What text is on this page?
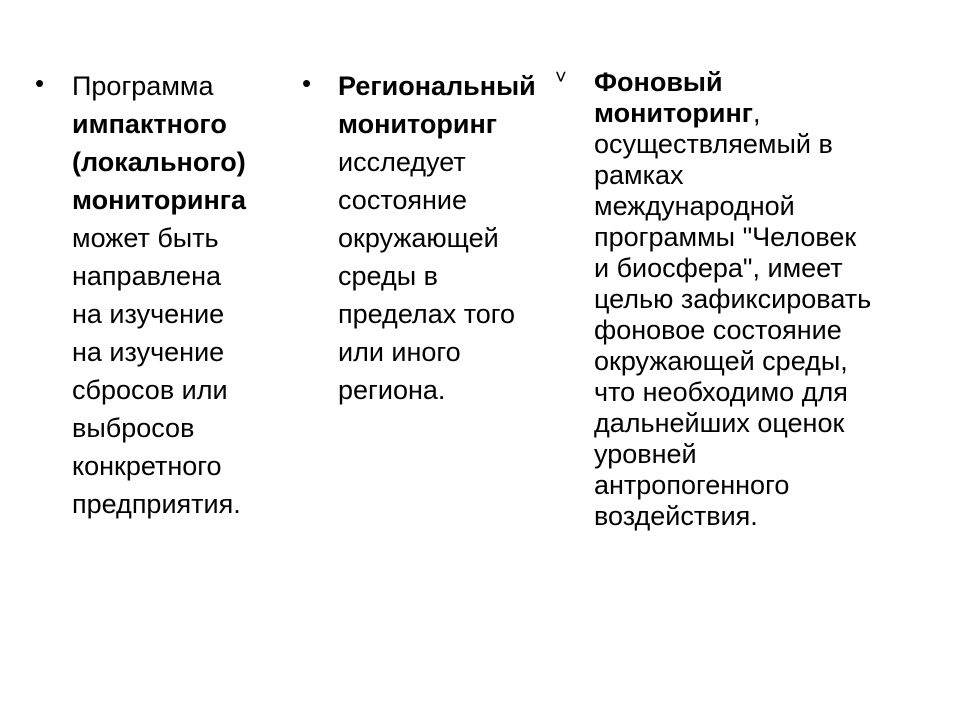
• Программа
импактного
(локального)
мониторинга
может быть
направлена
на изучение
на изучение
сбросов или
выбросов
конкретного
предприятия.
• Региональный
мониторинг
исследует
состояние
окружающей
среды в
пределах того
или иного
региона.
˅ Фоновый
мониторинг,
осуществляемый в
рамках
международной
программы "Человек
и биосфера", имеет
целью зафиксировать
фоновое состояние
окружающей среды,
что необходимо для
дальнейших оценок
уровней
антропогенного
воздействия.
